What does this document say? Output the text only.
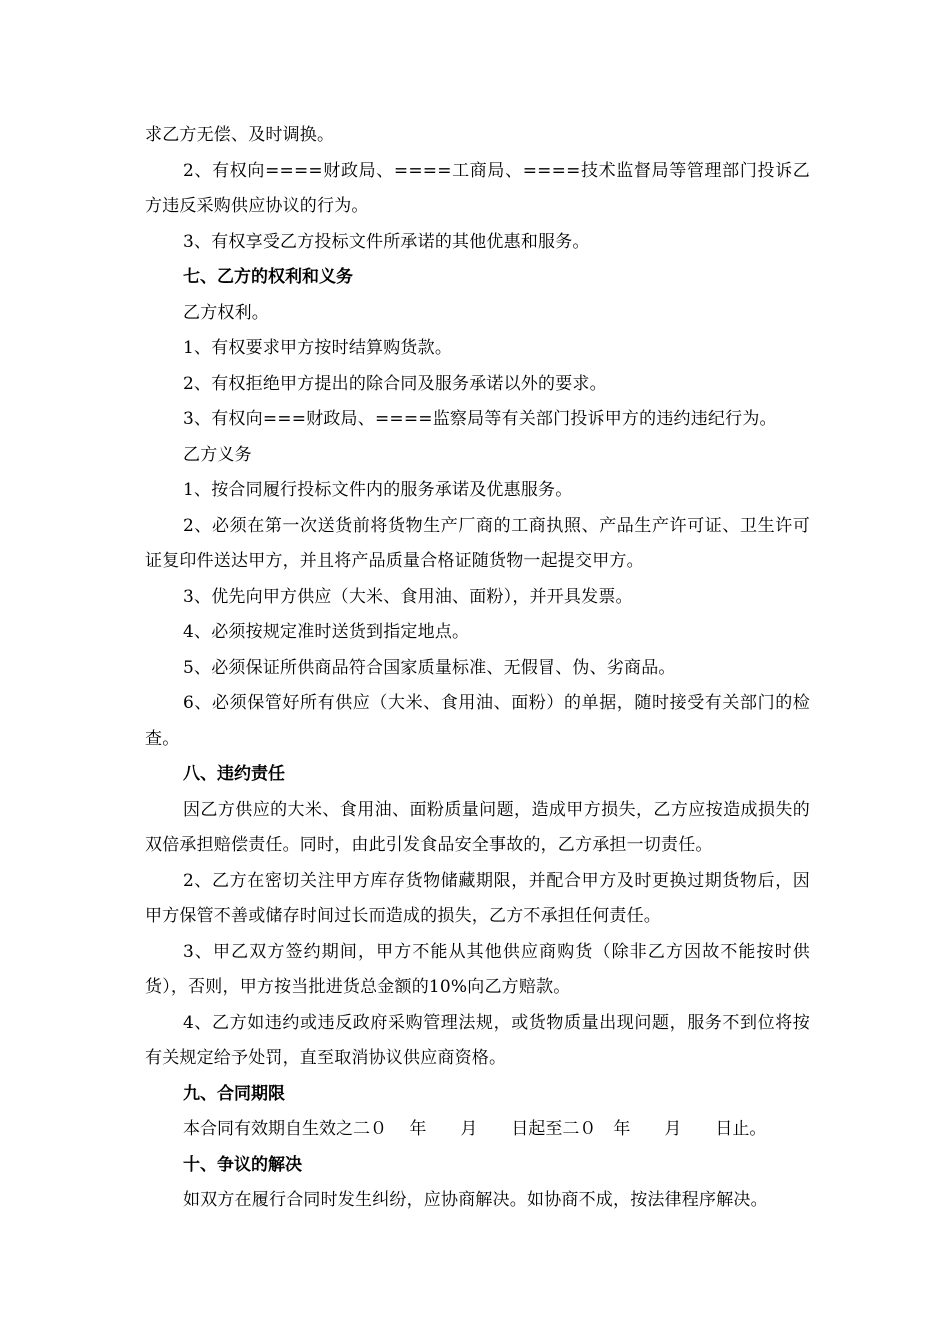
求乙方无偿、及时调换。

2、有权向====财政局、====工商局、====技术监督局等管理部门投诉乙方违反采购供应协议的行为。

3、有权享受乙方投标文件所承诺的其他优惠和服务。

七、乙方的权利和义务

乙方权利。

1、有权要求甲方按时结算购货款。

2、有权拒绝甲方提出的除合同及服务承诺以外的要求。

3、有权向===财政局、====监察局等有关部门投诉甲方的违约违纪行为。

乙方义务

1、按合同履行投标文件内的服务承诺及优惠服务。

2、必须在第一次送货前将货物生产厂商的工商执照、产品生产许可证、卫生许可证复印件送达甲方，并且将产品质量合格证随货物一起提交甲方。

3、优先向甲方供应（大米、食用油、面粉），并开具发票。

4、必须按规定准时送货到指定地点。

5、必须保证所供商品符合国家质量标准、无假冒、伪、劣商品。

6、必须保管好所有供应（大米、食用油、面粉）的单据，随时接受有关部门的检查。

八、违约责任

因乙方供应的大米、食用油、面粉质量问题，造成甲方损失，乙方应按造成损失的双倍承担赔偿责任。同时，由此引发食品安全事故的，乙方承担一切责任。

2、乙方在密切关注甲方库存货物储藏期限，并配合甲方及时更换过期货物后，因甲方保管不善或储存时间过长而造成的损失，乙方不承担任何责任。

3、甲乙双方签约期间，甲方不能从其他供应商购货（除非乙方因故不能按时供货），否则，甲方按当批进货总金额的10%向乙方赔款。

4、乙方如违约或违反政府采购管理法规，或货物质量出现问题，服务不到位将按有关规定给予处罚，直至取消协议供应商资格。

九、合同期限

本合同有效期自生效之二０　 年　　月　　日起至二０　年　　月　　日止。

十、争议的解决

如双方在履行合同时发生纠纷，应协商解决。如协商不成，按法律程序解决。
